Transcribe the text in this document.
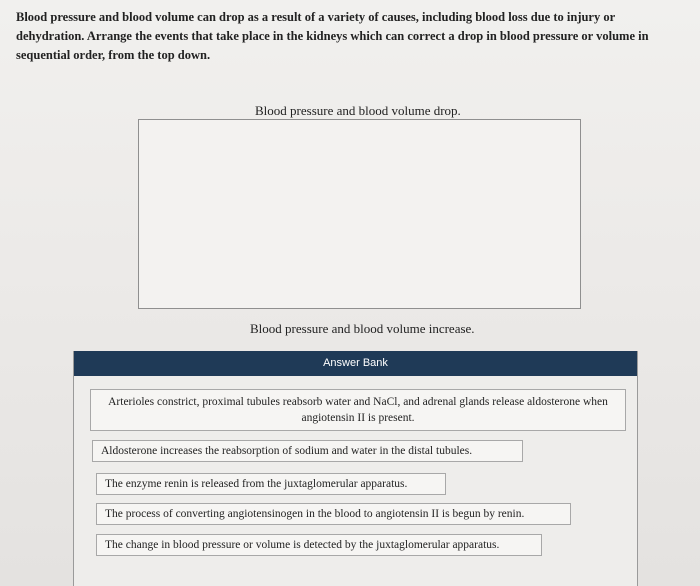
Blood pressure and blood volume can drop as a result of a variety of causes, including blood loss due to injury or dehydration. Arrange the events that take place in the kidneys which can correct a drop in blood pressure or volume in sequential order, from the top down.
Blood pressure and blood volume drop.
Blood pressure and blood volume increase.
Answer Bank
Arterioles constrict, proximal tubules reabsorb water and NaCl, and adrenal glands release aldosterone when angiotensin II is present.
Aldosterone increases the reabsorption of sodium and water in the distal tubules.
The enzyme renin is released from the juxtaglomerular apparatus.
The process of converting angiotensinogen in the blood to angiotensin II is begun by renin.
The change in blood pressure or volume is detected by the juxtaglomerular apparatus.
